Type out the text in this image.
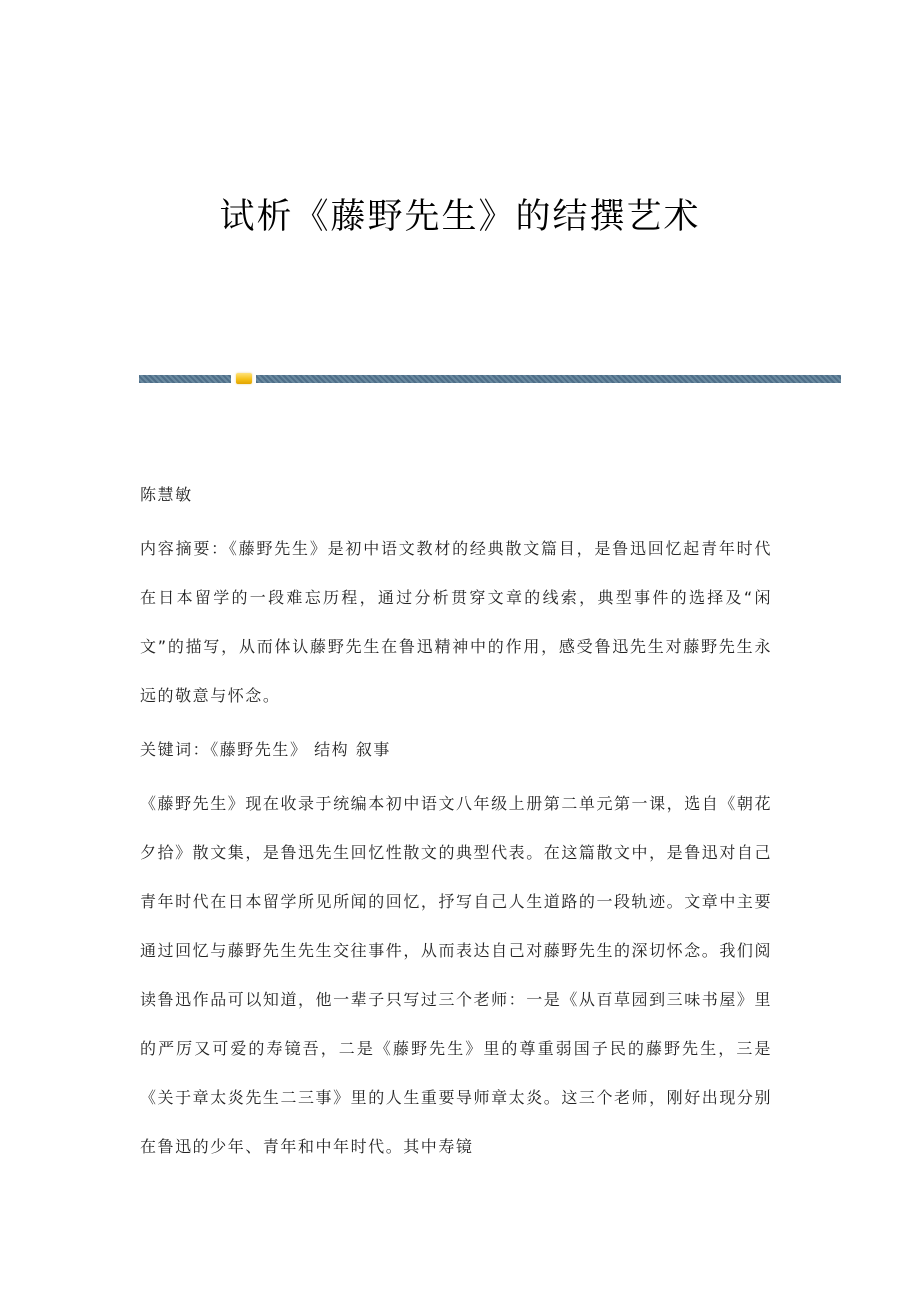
试析《藤野先生》的结撰艺术

陈慧敏

内容摘要：《藤野先生》是初中语文教材的经典散文篇目，是鲁迅回忆起青年时代在日本留学的一段难忘历程，通过分析贯穿文章的线索，典型事件的选择及“闲文”的描写，从而体认藤野先生在鲁迅精神中的作用，感受鲁迅先生对藤野先生永远的敬意与怀念。

关键词：《藤野先生》 结构 叙事

《藤野先生》现在收录于统编本初中语文八年级上册第二单元第一课，选自《朝花夕拾》散文集，是鲁迅先生回忆性散文的典型代表。在这篇散文中，是鲁迅对自己青年时代在日本留学所见所闻的回忆，抒写自己人生道路的一段轨迹。文章中主要通过回忆与藤野先生先生交往事件，从而表达自己对藤野先生的深切怀念。我们阅读鲁迅作品可以知道，他一辈子只写过三个老师：一是《从百草园到三味书屋》里的严厉又可爱的寿镜吾，二是《藤野先生》里的尊重弱国子民的藤野先生，三是《关于章太炎先生二三事》里的人生重要导师章太炎。这三个老师，刚好出现分别在鲁迅的少年、青年和中年时代。其中寿镜
